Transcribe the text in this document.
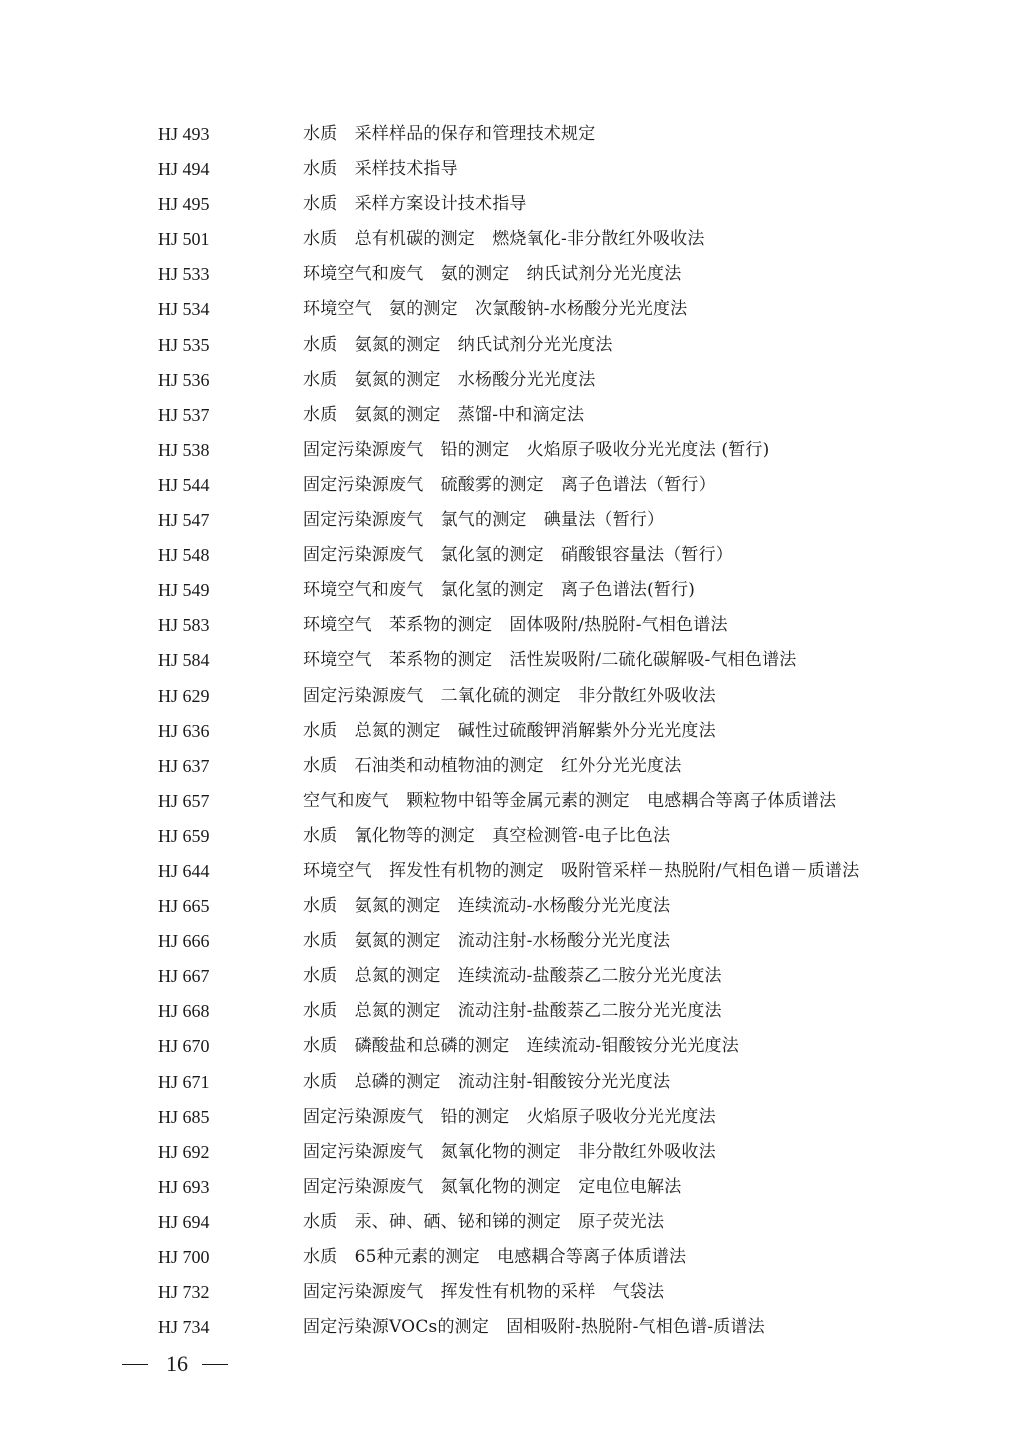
HJ 493	水质　采样样品的保存和管理技术规定
HJ 494	水质　采样技术指导
HJ 495	水质　采样方案设计技术指导
HJ 501	水质　总有机碳的测定　燃烧氧化-非分散红外吸收法
HJ 533	环境空气和废气　氨的测定　纳氏试剂分光光度法
HJ 534	环境空气　氨的测定　次氯酸钠-水杨酸分光光度法
HJ 535	水质　氨氮的测定　纳氏试剂分光光度法
HJ 536	水质　氨氮的测定　水杨酸分光光度法
HJ 537	水质　氨氮的测定　蒸馏-中和滴定法
HJ 538	固定污染源废气　铅的测定　火焰原子吸收分光光度法 (暂行)
HJ 544	固定污染源废气　硫酸雾的测定　离子色谱法（暂行）
HJ 547	固定污染源废气　氯气的测定　碘量法（暂行）
HJ 548	固定污染源废气　氯化氢的测定　硝酸银容量法（暂行）
HJ 549	环境空气和废气　氯化氢的测定　离子色谱法(暂行)
HJ 583	环境空气　苯系物的测定　固体吸附/热脱附-气相色谱法
HJ 584	环境空气　苯系物的测定　活性炭吸附/二硫化碳解吸-气相色谱法
HJ 629	固定污染源废气　二氧化硫的测定　非分散红外吸收法
HJ 636	水质　总氮的测定　碱性过硫酸钾消解紫外分光光度法
HJ 637	水质　石油类和动植物油的测定　红外分光光度法
HJ 657	空气和废气　颗粒物中铅等金属元素的测定　电感耦合等离子体质谱法
HJ 659	水质　氰化物等的测定　真空检测管-电子比色法
HJ 644	环境空气　挥发性有机物的测定　吸附管采样－热脱附/气相色谱－质谱法
HJ 665	水质　氨氮的测定　连续流动-水杨酸分光光度法
HJ 666	水质　氨氮的测定　流动注射-水杨酸分光光度法
HJ 667	水质　总氮的测定　连续流动-盐酸萘乙二胺分光光度法
HJ 668	水质　总氮的测定　流动注射-盐酸萘乙二胺分光光度法
HJ 670	水质　磷酸盐和总磷的测定　连续流动-钼酸铵分光光度法
HJ 671	水质　总磷的测定　流动注射-钼酸铵分光光度法
HJ 685	固定污染源废气　铅的测定　火焰原子吸收分光光度法
HJ 692	固定污染源废气　氮氧化物的测定　非分散红外吸收法
HJ 693	固定污染源废气　氮氧化物的测定　定电位电解法
HJ 694	水质　汞、砷、硒、铋和锑的测定　原子荧光法
HJ 700	水质　65种元素的测定　电感耦合等离子体质谱法
HJ 732	固定污染源废气　挥发性有机物的采样　气袋法
HJ 734	固定污染源VOCs的测定　固相吸附-热脱附-气相色谱-质谱法
16
